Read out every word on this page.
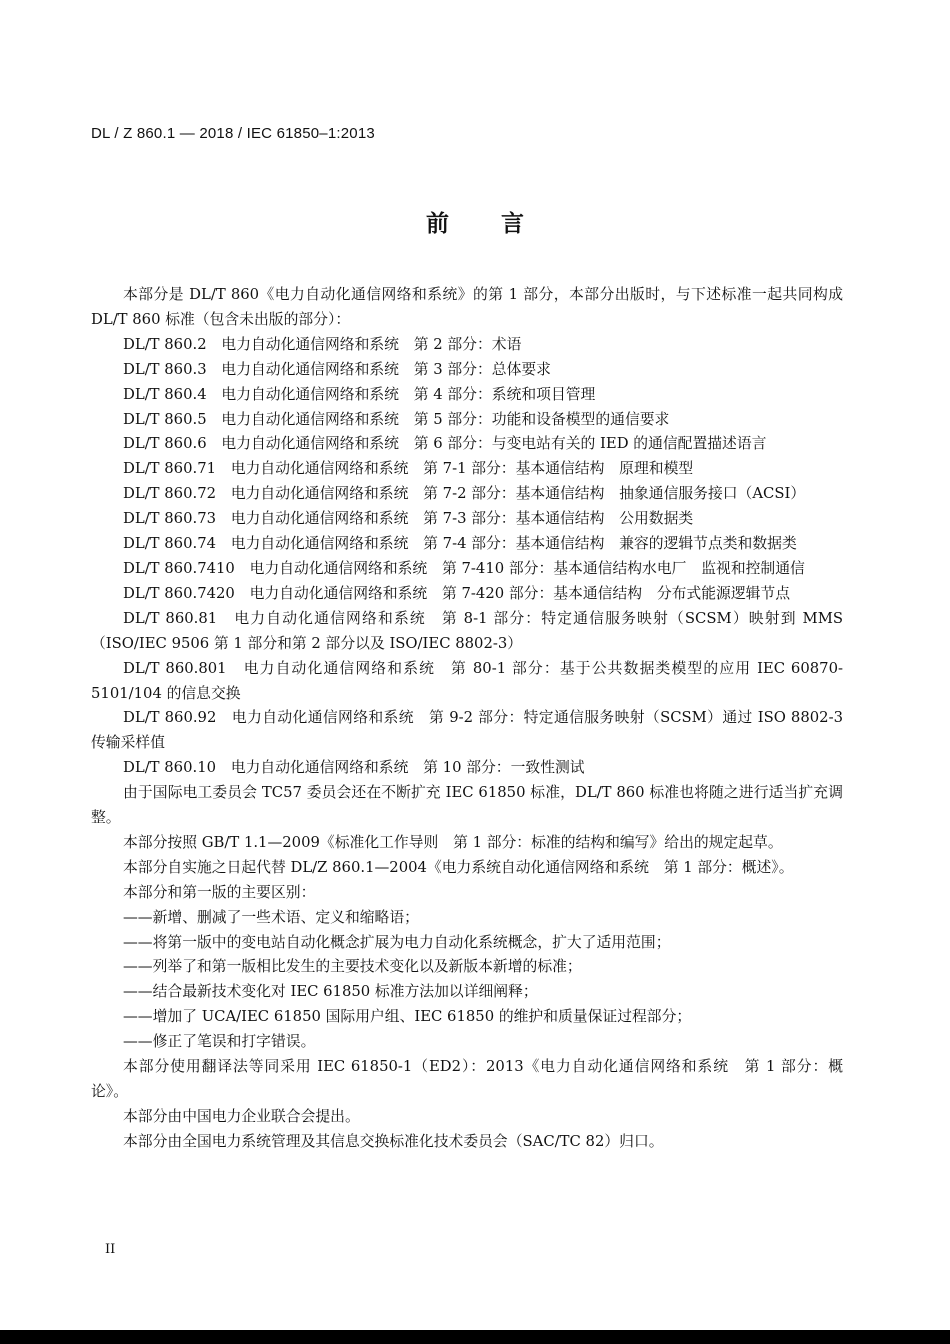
DL / Z 860.1 — 2018 / IEC 61850–1:2013
前言

本部分是 DL/T 860《电力自动化通信网络和系统》的第 1 部分，本部分出版时，与下述标准一起共同构成 DL/T 860 标准（包含未出版的部分）：

DL/T 860.2　电力自动化通信网络和系统　第 2 部分：术语

DL/T 860.3　电力自动化通信网络和系统　第 3 部分：总体要求

DL/T 860.4　电力自动化通信网络和系统　第 4 部分：系统和项目管理

DL/T 860.5　电力自动化通信网络和系统　第 5 部分：功能和设备模型的通信要求

DL/T 860.6　电力自动化通信网络和系统　第 6 部分：与变电站有关的 IED 的通信配置描述语言

DL/T 860.71　电力自动化通信网络和系统　第 7-1 部分：基本通信结构　原理和模型

DL/T 860.72　电力自动化通信网络和系统　第 7-2 部分：基本通信结构　抽象通信服务接口（ACSI）

DL/T 860.73　电力自动化通信网络和系统　第 7-3 部分：基本通信结构　公用数据类

DL/T 860.74　电力自动化通信网络和系统　第 7-4 部分：基本通信结构　兼容的逻辑节点类和数据类

DL/T 860.7410　电力自动化通信网络和系统　第 7-410 部分：基本通信结构水电厂　监视和控制通信

DL/T 860.7420　电力自动化通信网络和系统　第 7-420 部分：基本通信结构　分布式能源逻辑节点

DL/T 860.81　电力自动化通信网络和系统　第 8-1 部分：特定通信服务映射（SCSM）映射到 MMS（ISO/IEC 9506 第 1 部分和第 2 部分以及 ISO/IEC 8802-3）

DL/T 860.801　电力自动化通信网络和系统　第 80-1 部分：基于公共数据类模型的应用 IEC 60870-5101/104 的信息交换

DL/T 860.92　电力自动化通信网络和系统　第 9-2 部分：特定通信服务映射（SCSM）通过 ISO 8802-3 传输采样值

DL/T 860.10　电力自动化通信网络和系统　第 10 部分：一致性测试

由于国际电工委员会 TC57 委员会还在不断扩充 IEC 61850 标准，DL/T 860 标准也将随之进行适当扩充调整。

本部分按照 GB/T 1.1—2009《标准化工作导则　第 1 部分：标准的结构和编写》给出的规定起草。

本部分自实施之日起代替 DL/Z 860.1—2004《电力系统自动化通信网络和系统　第 1 部分：概述》。

本部分和第一版的主要区别：

——新增、删减了一些术语、定义和缩略语；

——将第一版中的变电站自动化概念扩展为电力自动化系统概念，扩大了适用范围；

——列举了和第一版相比发生的主要技术变化以及新版本新增的标准；

——结合最新技术变化对 IEC 61850 标准方法加以详细阐释；

——增加了 UCA/IEC 61850 国际用户组、IEC 61850 的维护和质量保证过程部分；

——修正了笔误和打字错误。

本部分使用翻译法等同采用 IEC 61850-1（ED2）：2013《电力自动化通信网络和系统　第 1 部分：概论》。

本部分由中国电力企业联合会提出。

本部分由全国电力系统管理及其信息交换标准化技术委员会（SAC/TC 82）归口。

II
